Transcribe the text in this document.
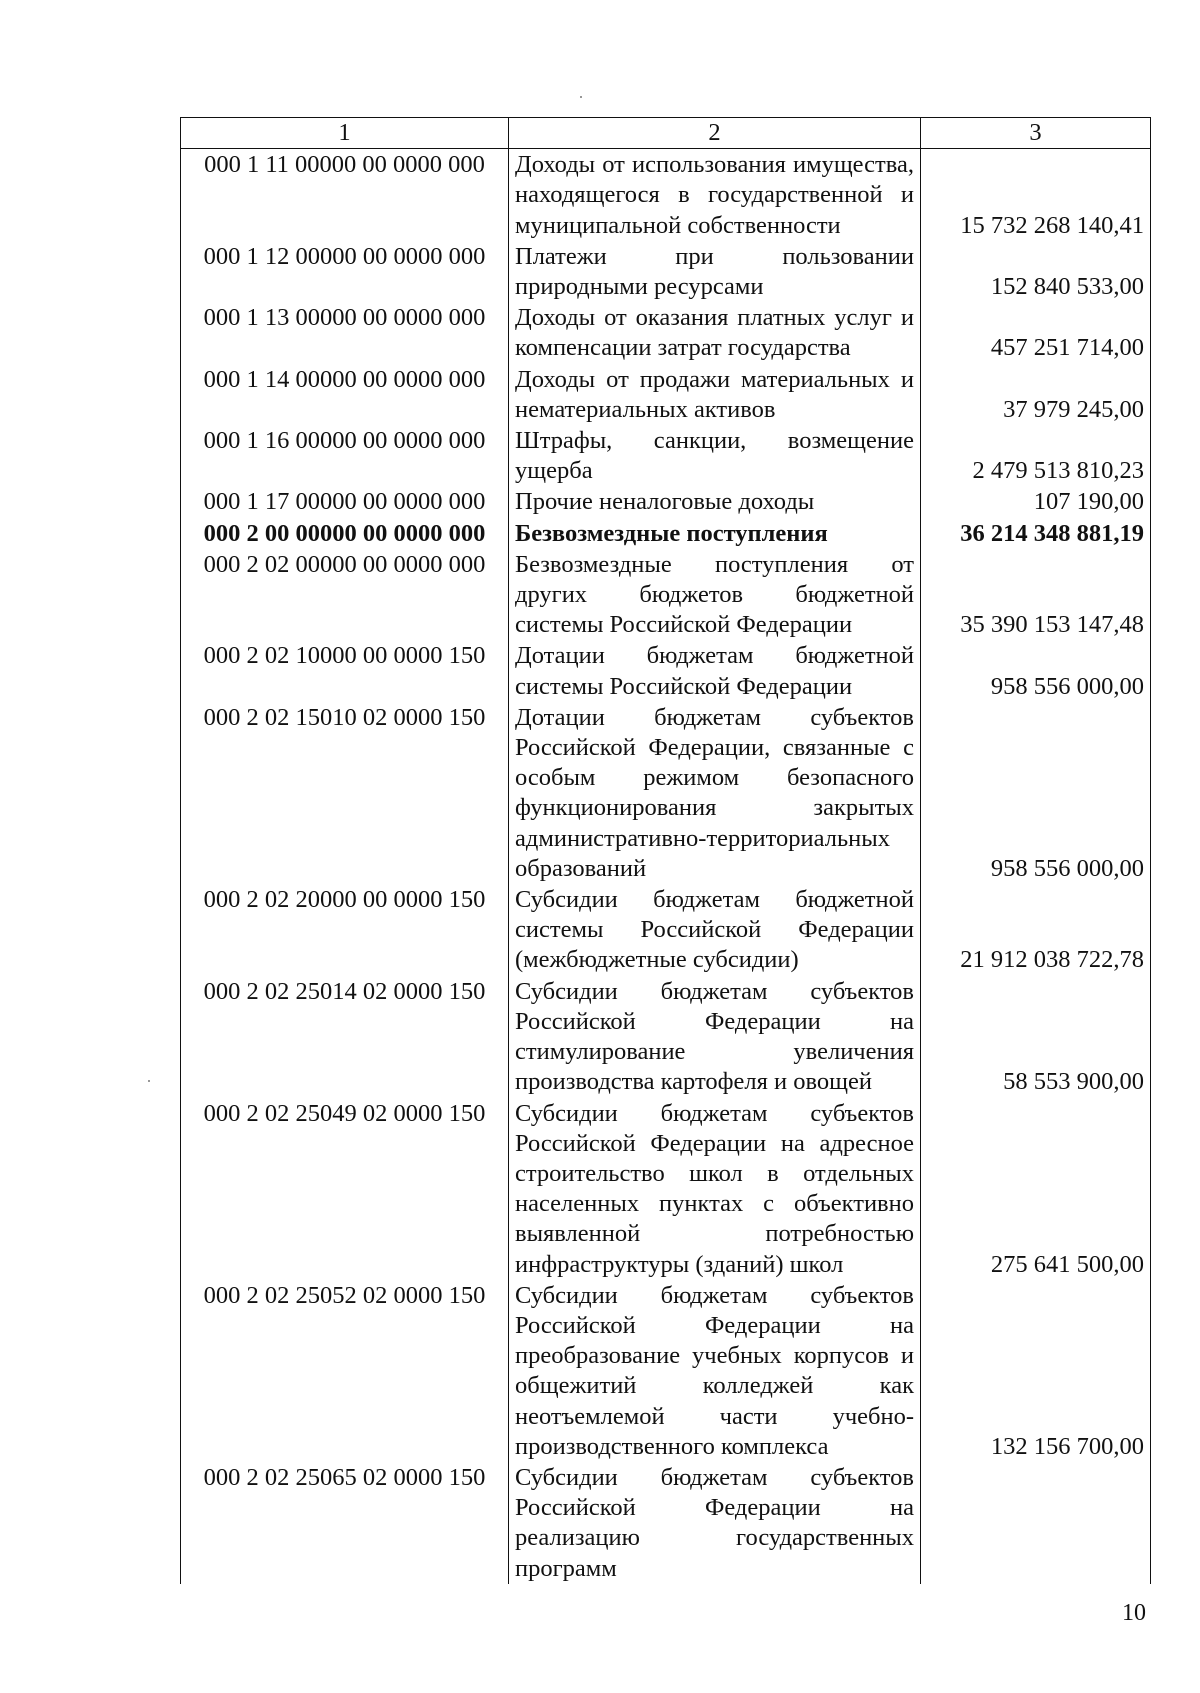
1	2	3
000 1 11 00000 00 0000 000	Доходы от использования имущества, находящегося в государственной и муниципальной собственности	15 732 268 140,41
000 1 12 00000 00 0000 000	Платежи при пользовании природными ресурсами	152 840 533,00
000 1 13 00000 00 0000 000	Доходы от оказания платных услуг и компенсации затрат государства	457 251 714,00
000 1 14 00000 00 0000 000	Доходы от продажи материальных и нематериальных активов	37 979 245,00
000 1 16 00000 00 0000 000	Штрафы, санкции, возмещение ущерба	2 479 513 810,23
000 1 17 00000 00 0000 000	Прочие неналоговые доходы	107 190,00
000 2 00 00000 00 0000 000	Безвозмездные поступления	36 214 348 881,19
000 2 02 00000 00 0000 000	Безвозмездные поступления от других бюджетов бюджетной системы Российской Федерации	35 390 153 147,48
000 2 02 10000 00 0000 150	Дотации бюджетам бюджетной системы Российской Федерации	958 556 000,00
000 2 02 15010 02 0000 150	Дотации бюджетам субъектов Российской Федерации, связанные с особым режимом безопасного функционирования закрытых административно-территориальных образований	958 556 000,00
000 2 02 20000 00 0000 150	Субсидии бюджетам бюджетной системы Российской Федерации (межбюджетные субсидии)	21 912 038 722,78
000 2 02 25014 02 0000 150	Субсидии бюджетам субъектов Российской Федерации на стимулирование увеличения производства картофеля и овощей	58 553 900,00
000 2 02 25049 02 0000 150	Субсидии бюджетам субъектов Российской Федерации на адресное строительство школ в отдельных населенных пунктах с объективно выявленной потребностью инфраструктуры (зданий) школ	275 641 500,00
000 2 02 25052 02 0000 150	Субсидии бюджетам субъектов Российской Федерации на преобразование учебных корпусов и общежитий колледжей как неотъемлемой части учебно-производственного комплекса	132 156 700,00
000 2 02 25065 02 0000 150	Субсидии бюджетам субъектов Российской Федерации на реализацию государственных программ	
10
